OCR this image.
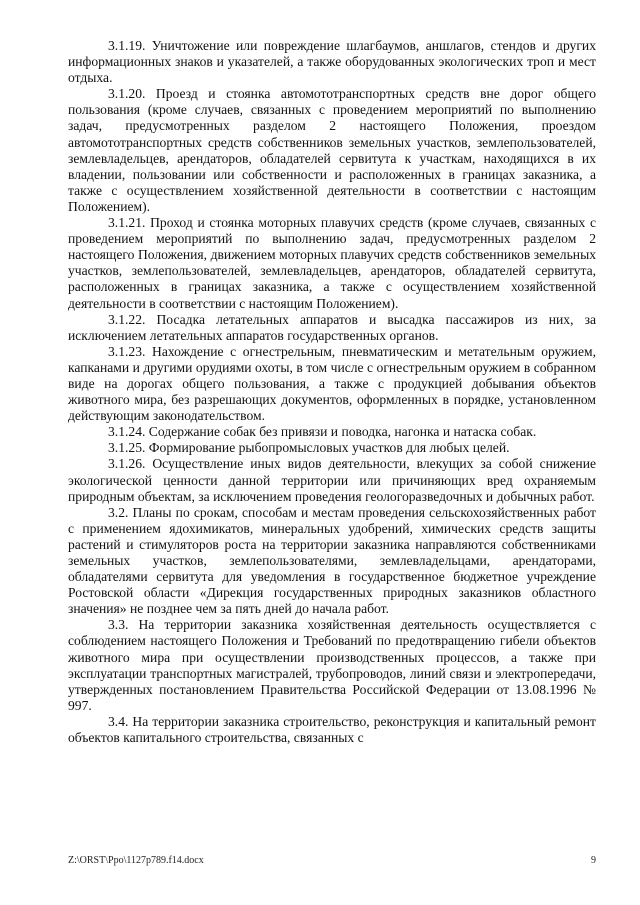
3.1.19. Уничтожение или повреждение шлагбаумов, аншлагов, стендов и других информационных знаков и указателей, а также оборудованных экологических троп и мест отдыха.

3.1.20. Проезд и стоянка автомототранспортных средств вне дорог общего пользования (кроме случаев, связанных с проведением мероприятий по выполнению задач, предусмотренных разделом 2 настоящего Положения, проездом автомототранспортных средств собственников земельных участков, землепользователей, землевладельцев, арендаторов, обладателей сервитута к участкам, находящихся в их владении, пользовании или собственности и расположенных в границах заказника, а также с осуществлением хозяйственной деятельности в соответствии с настоящим Положением).

3.1.21. Проход и стоянка моторных плавучих средств (кроме случаев, связанных с проведением мероприятий по выполнению задач, предусмотренных разделом 2 настоящего Положения, движением моторных плавучих средств собственников земельных участков, землепользователей, землевладельцев, арендаторов, обладателей сервитута, расположенных в границах заказника, а также с осуществлением хозяйственной деятельности в соответствии с настоящим Положением).

3.1.22. Посадка летательных аппаратов и высадка пассажиров из них, за исключением летательных аппаратов государственных органов.

3.1.23. Нахождение с огнестрельным, пневматическим и метательным оружием, капканами и другими орудиями охоты, в том числе с огнестрельным оружием в собранном виде на дорогах общего пользования, а также с продукцией добывания объектов животного мира, без разрешающих документов, оформленных в порядке, установленном действующим законодательством.

3.1.24. Содержание собак без привязи и поводка, нагонка и натаска собак.

3.1.25. Формирование рыбопромысловых участков для любых целей.

3.1.26. Осуществление иных видов деятельности, влекущих за собой снижение экологической ценности данной территории или причиняющих вред охраняемым природным объектам, за исключением проведения геологоразведочных и добычных работ.

3.2. Планы по срокам, способам и местам проведения сельскохозяйственных работ с применением ядохимикатов, минеральных удобрений, химических средств защиты растений и стимуляторов роста на территории заказника направляются собственниками земельных участков, землепользователями, землевладельцами, арендаторами, обладателями сервитута для уведомления в государственное бюджетное учреждение Ростовской области «Дирекция государственных природных заказников областного значения» не позднее чем за пять дней до начала работ.

3.3. На территории заказника хозяйственная деятельность осуществляется с соблюдением настоящего Положения и Требований по предотвращению гибели объектов животного мира при осуществлении производственных процессов, а также при эксплуатации транспортных магистралей, трубопроводов, линий связи и электропередачи, утвержденных постановлением Правительства Российской Федерации от 13.08.1996 № 997.

3.4. На территории заказника строительство, реконструкция и капитальный ремонт объектов капитального строительства, связанных с

Z:\ORST\Ppo\1127p789.f14.docx	9
